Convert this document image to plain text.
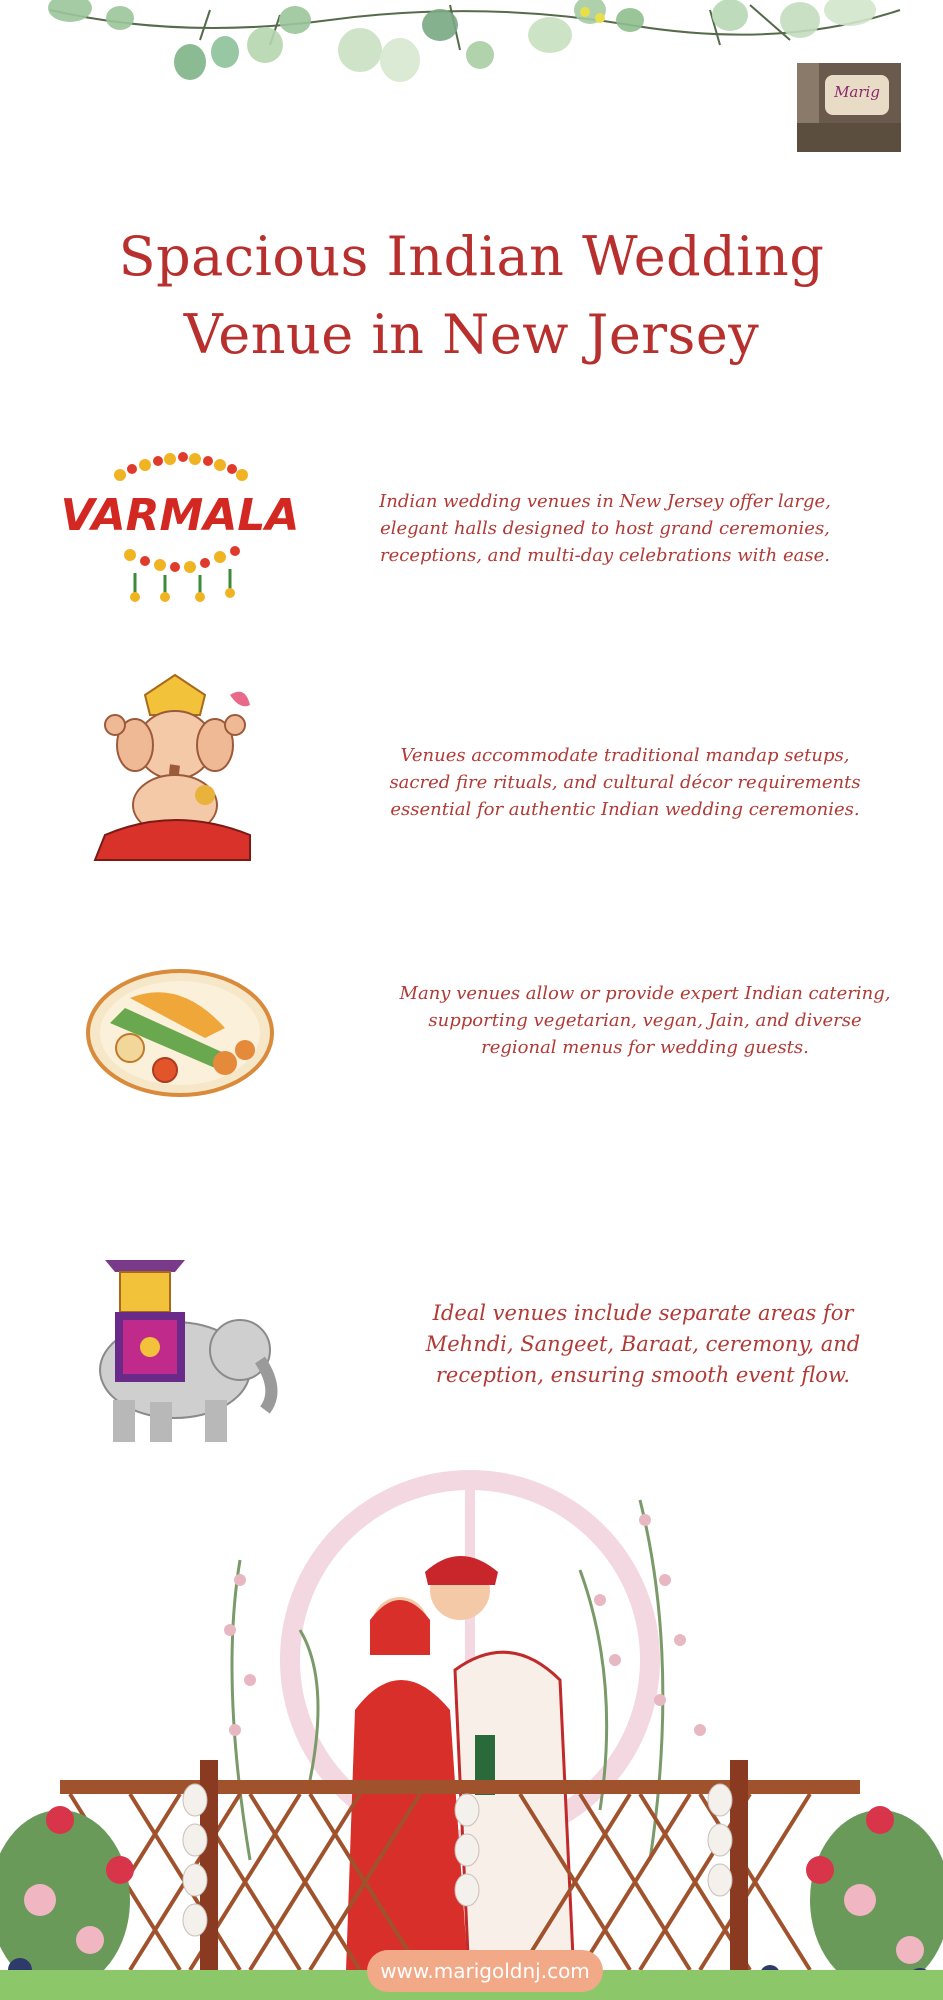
Marig
Spacious Indian Wedding
Venue in New Jersey
VARMALA	Indian wedding venues in New Jersey offer large, elegant halls designed to host grand ceremonies, receptions, and multi-day celebrations with ease.
Venues accommodate traditional mandap setups, sacred fire rituals, and cultural décor requirements essential for authentic Indian wedding ceremonies.
Many venues allow or provide expert Indian catering, supporting vegetarian, vegan, Jain, and diverse regional menus for wedding guests.
Ideal venues include separate areas for Mehndi, Sangeet, Baraat, ceremony, and reception, ensuring smooth event flow.
www.marigoldnj.com
